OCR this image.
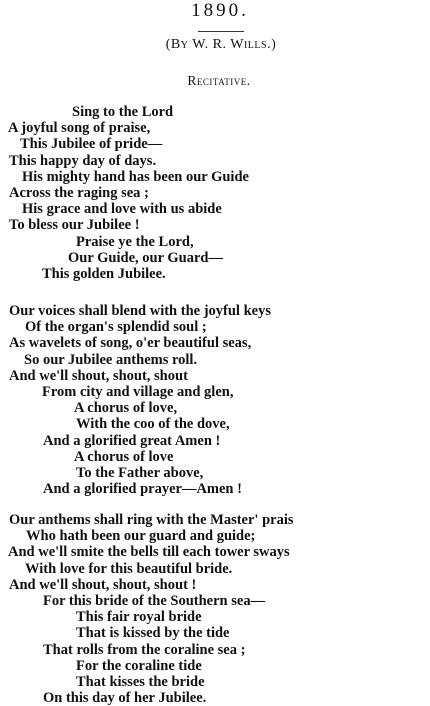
1890.
(By W. R. Wills.)
Recitative.
Sing to the Lord
A joyful song of praise,
This Jubilee of pride—
This happy day of days.
His mighty hand has been our Guide
Across the raging sea ;
His grace and love with us abide
To bless our Jubilee !
Praise ye the Lord,
Our Guide, our Guard—
This golden Jubilee.
Our voices shall blend with the joyful keys
Of the organ's splendid soul ;
As wavelets of song, o'er beautiful seas,
So our Jubilee anthems roll.
And we'll shout, shout, shout
From city and village and glen,
A chorus of love,
With the coo of the dove,
And a glorified great Amen !
A chorus of love
To the Father above,
And a glorified prayer—Amen !
Our anthems shall ring with the Master' prais
Who hath been our guard and guide;
And we'll smite the bells till each tower sways
With love for this beautiful bride.
And we'll shout, shout, shout !
For this bride of the Southern sea—
This fair royal bride
That is kissed by the tide
That rolls from the coraline sea ;
For the coraline tide
That kisses the bride
On this day of her Jubilee.
